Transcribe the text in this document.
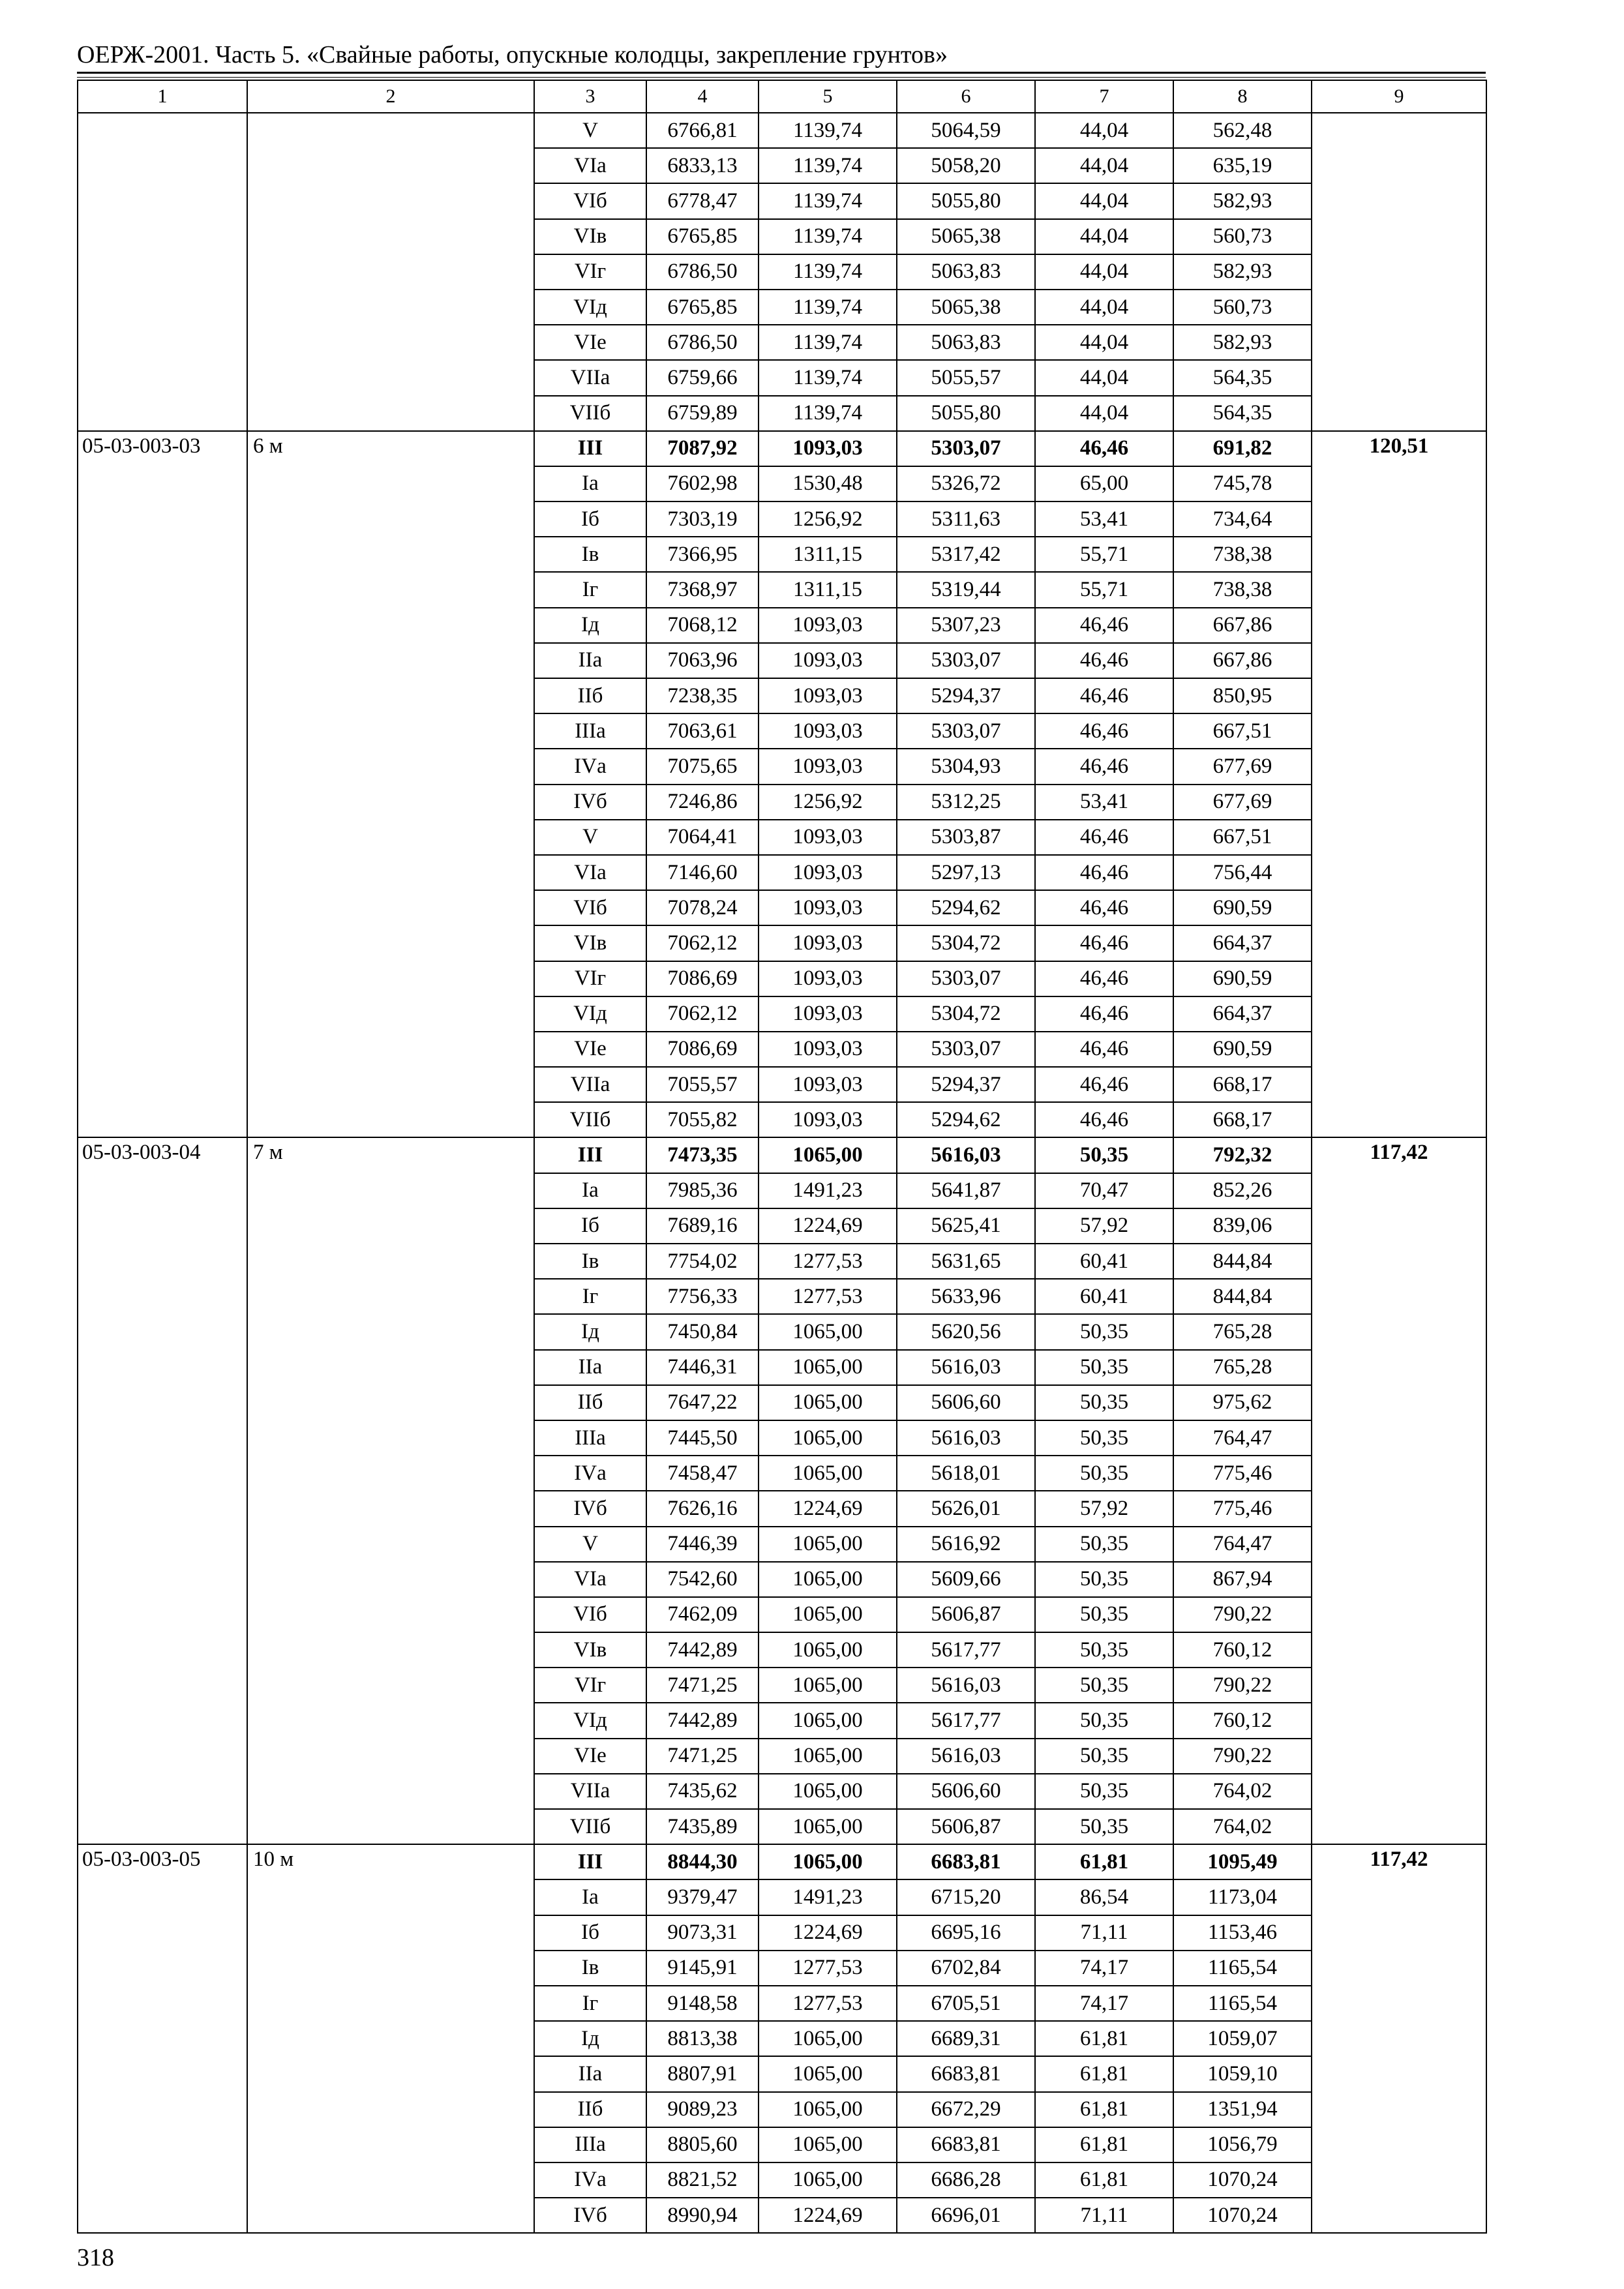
ОЕРЖ-2001. Часть 5. «Свайные работы, опускные колодцы, закрепление грунтов»
1	2	3	4	5	6	7	8	9
		V	6766,81	1139,74	5064,59	44,04	562,48	
		VIа	6833,13	1139,74	5058,20	44,04	635,19	
		VIб	6778,47	1139,74	5055,80	44,04	582,93	
		VIв	6765,85	1139,74	5065,38	44,04	560,73	
		VIг	6786,50	1139,74	5063,83	44,04	582,93	
		VIд	6765,85	1139,74	5065,38	44,04	560,73	
		VIе	6786,50	1139,74	5063,83	44,04	582,93	
		VIIа	6759,66	1139,74	5055,57	44,04	564,35	
		VIIб	6759,89	1139,74	5055,80	44,04	564,35	
05-03-003-03	6 м	III	7087,92	1093,03	5303,07	46,46	691,82	120,51
		Iа	7602,98	1530,48	5326,72	65,00	745,78	
		Iб	7303,19	1256,92	5311,63	53,41	734,64	
		Iв	7366,95	1311,15	5317,42	55,71	738,38	
		Iг	7368,97	1311,15	5319,44	55,71	738,38	
		Iд	7068,12	1093,03	5307,23	46,46	667,86	
		IIа	7063,96	1093,03	5303,07	46,46	667,86	
		IIб	7238,35	1093,03	5294,37	46,46	850,95	
		IIIа	7063,61	1093,03	5303,07	46,46	667,51	
		IVа	7075,65	1093,03	5304,93	46,46	677,69	
		IVб	7246,86	1256,92	5312,25	53,41	677,69	
		V	7064,41	1093,03	5303,87	46,46	667,51	
		VIа	7146,60	1093,03	5297,13	46,46	756,44	
		VIб	7078,24	1093,03	5294,62	46,46	690,59	
		VIв	7062,12	1093,03	5304,72	46,46	664,37	
		VIг	7086,69	1093,03	5303,07	46,46	690,59	
		VIд	7062,12	1093,03	5304,72	46,46	664,37	
		VIе	7086,69	1093,03	5303,07	46,46	690,59	
		VIIа	7055,57	1093,03	5294,37	46,46	668,17	
		VIIб	7055,82	1093,03	5294,62	46,46	668,17	
05-03-003-04	7 м	III	7473,35	1065,00	5616,03	50,35	792,32	117,42
		Iа	7985,36	1491,23	5641,87	70,47	852,26	
		Iб	7689,16	1224,69	5625,41	57,92	839,06	
		Iв	7754,02	1277,53	5631,65	60,41	844,84	
		Iг	7756,33	1277,53	5633,96	60,41	844,84	
		Iд	7450,84	1065,00	5620,56	50,35	765,28	
		IIа	7446,31	1065,00	5616,03	50,35	765,28	
		IIб	7647,22	1065,00	5606,60	50,35	975,62	
		IIIа	7445,50	1065,00	5616,03	50,35	764,47	
		IVа	7458,47	1065,00	5618,01	50,35	775,46	
		IVб	7626,16	1224,69	5626,01	57,92	775,46	
		V	7446,39	1065,00	5616,92	50,35	764,47	
		VIа	7542,60	1065,00	5609,66	50,35	867,94	
		VIб	7462,09	1065,00	5606,87	50,35	790,22	
		VIв	7442,89	1065,00	5617,77	50,35	760,12	
		VIг	7471,25	1065,00	5616,03	50,35	790,22	
		VIд	7442,89	1065,00	5617,77	50,35	760,12	
		VIе	7471,25	1065,00	5616,03	50,35	790,22	
		VIIа	7435,62	1065,00	5606,60	50,35	764,02	
		VIIб	7435,89	1065,00	5606,87	50,35	764,02	
05-03-003-05	10 м	III	8844,30	1065,00	6683,81	61,81	1095,49	117,42
		Iа	9379,47	1491,23	6715,20	86,54	1173,04	
		Iб	9073,31	1224,69	6695,16	71,11	1153,46	
		Iв	9145,91	1277,53	6702,84	74,17	1165,54	
		Iг	9148,58	1277,53	6705,51	74,17	1165,54	
		Iд	8813,38	1065,00	6689,31	61,81	1059,07	
		IIа	8807,91	1065,00	6683,81	61,81	1059,10	
		IIб	9089,23	1065,00	6672,29	61,81	1351,94	
		IIIа	8805,60	1065,00	6683,81	61,81	1056,79	
		IVа	8821,52	1065,00	6686,28	61,81	1070,24	
		IVб	8990,94	1224,69	6696,01	71,11	1070,24	
318
